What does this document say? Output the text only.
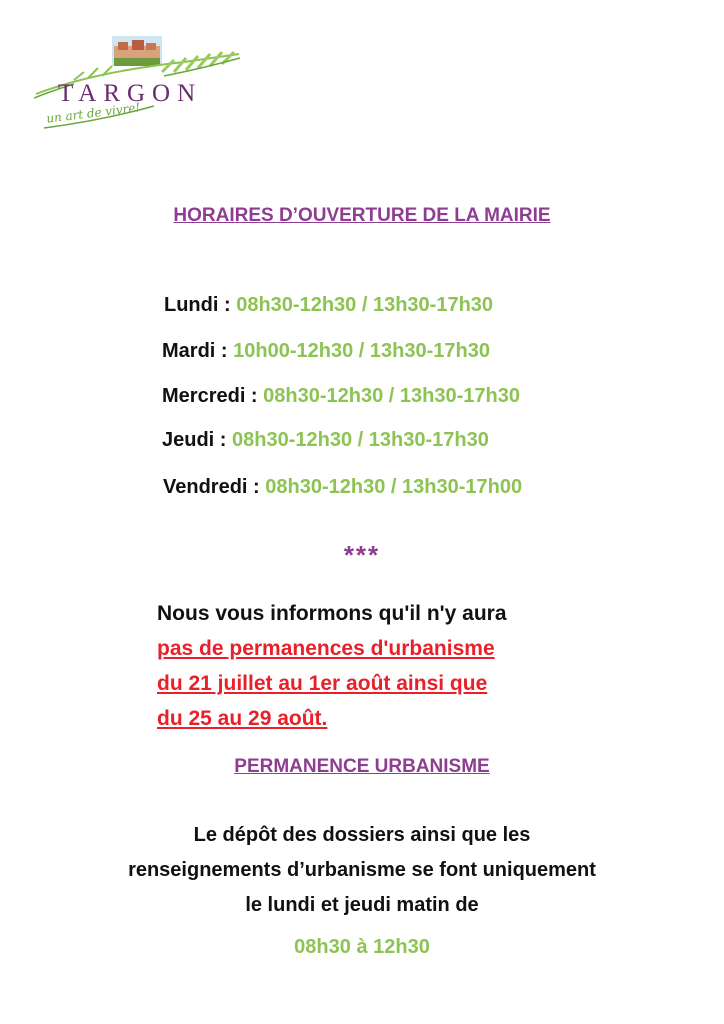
TARGON
un art de vivre!
HORAIRES D’OUVERTURE DE LA MAIRIE
Lundi : 08h30-12h30 / 13h30-17h30
Mardi : 10h00-12h30 / 13h30-17h30
Mercredi : 08h30-12h30 / 13h30-17h30
Jeudi : 08h30-12h30 / 13h30-17h30
Vendredi : 08h30-12h30 / 13h30-17h00
***
Nous vous informons qu'il n'y aura
pas de permanences d'urbanisme
du 21 juillet au 1er août ainsi que
du 25 au 29 août.
PERMANENCE URBANISME
Le dépôt des dossiers ainsi que les
renseignements d’urbanisme se font uniquement
le lundi et jeudi matin de
08h30 à 12h30
